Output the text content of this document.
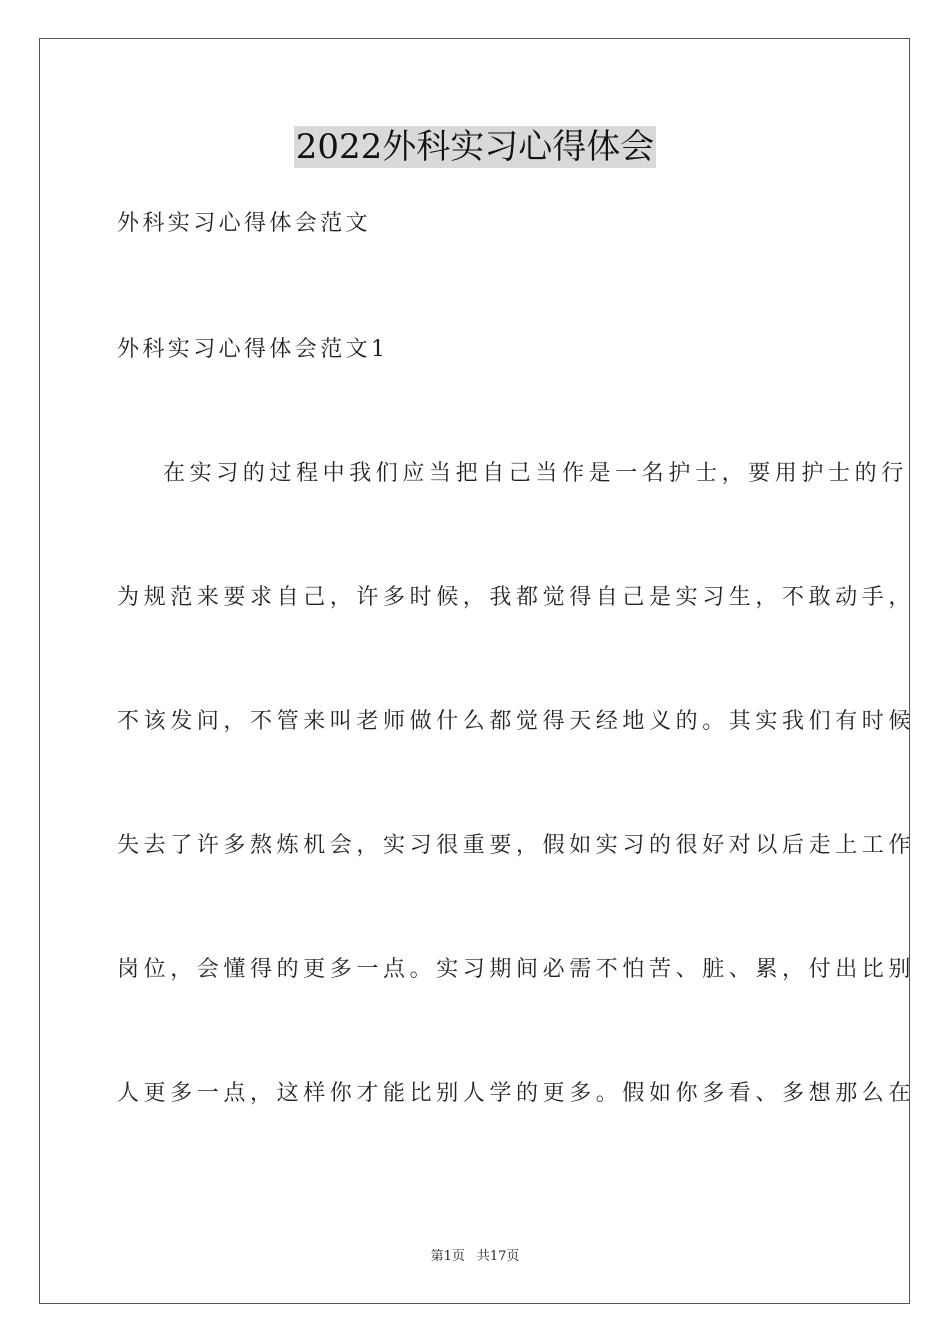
2022外科实习心得体会
外科实习心得体会范文
外科实习心得体会范文1
在实习的过程中我们应当把自己当作是一名护士，要用护士的行
为规范来要求自己，许多时候，我都觉得自己是实习生，不敢动手，
不该发问，不管来叫老师做什么都觉得天经地义的。其实我们有时候
失去了许多熬炼机会，实习很重要，假如实习的很好对以后走上工作
岗位，会懂得的更多一点。实习期间必需不怕苦、脏、累，付出比别
人更多一点，这样你才能比别人学的更多。假如你多看、多想那么在
第1页 共17页
